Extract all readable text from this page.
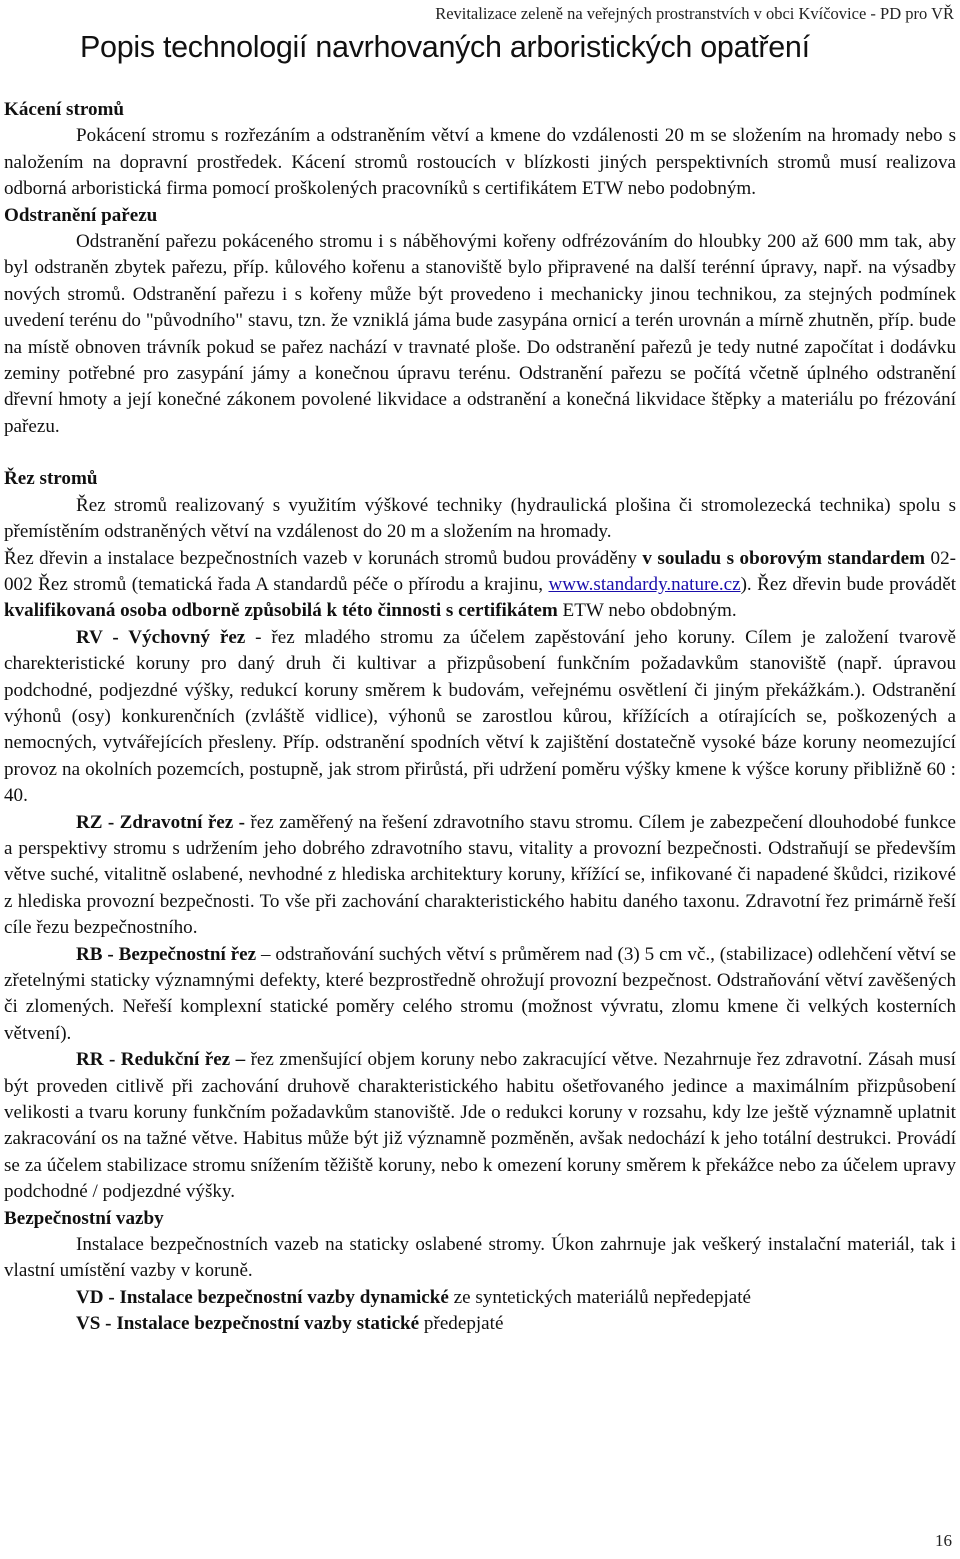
Revitalizace zeleně na veřejných prostranstvích v obci Kvíčovice - PD pro VŘ
Popis technologií navrhovaných arboristických opatření

Kácení stromů

Pokácení stromu s rozřezáním a odstraněním větví a kmene do vzdálenosti 20 m se složením na hromady nebo s naložením na dopravní prostředek. Kácení stromů rostoucích v blízkosti jiných perspektivních stromů musí realizova odborná arboristická firma pomocí proškolených pracovníků s certifikátem ETW nebo podobným.

Odstranění pařezu

Odstranění pařezu pokáceného stromu i s náběhovými kořeny odfrézováním do hloubky 200 až 600 mm tak, aby byl odstraněn zbytek pařezu, příp. kůlového kořenu a stanoviště bylo připravené na další terénní úpravy, např. na výsadby nových stromů. Odstranění pařezu i s kořeny může být provedeno i mechanicky jinou technikou, za stejných podmínek uvedení terénu do "původního" stavu, tzn. že vzniklá jáma bude zasypána ornicí a terén urovnán a mírně zhutněn, příp. bude na místě obnoven trávník pokud se pařez nachází v travnaté ploše. Do odstranění pařezů je tedy nutné započítat i dodávku zeminy potřebné pro zasypání jámy a konečnou úpravu terénu. Odstranění pařezu se počítá včetně úplného odstranění dřevní hmoty a její konečné zákonem povolené likvidace a odstranění a konečná likvidace štěpky a materiálu po frézování pařezu.

Řez stromů

Řez stromů realizovaný s využitím výškové techniky (hydraulická plošina či stromolezecká technika) spolu s přemístěním odstraněných větví na vzdálenost do 20 m a složením na hromady.

Řez dřevin a instalace bezpečnostních vazeb v korunách stromů budou prováděny v souladu s oborovým standardem 02- 002 Řez stromů (tematická řada A standardů péče o přírodu a krajinu, www.standardy.nature.cz). Řez dřevin bude provádět kvalifikovaná osoba odborně způsobilá k této činnosti s certifikátem ETW nebo obdobným.

RV - Výchovný řez - řez mladého stromu za účelem zapěstování jeho koruny. Cílem je založení tvarově charekteristické koruny pro daný druh či kultivar a přizpůsobení funkčním požadavkům stanoviště (např. úpravou podchodné, podjezdné výšky, redukcí koruny směrem k budovám, veřejnému osvětlení či jiným překážkám.). Odstranění výhonů (osy) konkurenčních (zvláště vidlice), výhonů se zarostlou kůrou, křížících a otírajících se, poškozených a nemocných, vytvářejících přesleny. Příp. odstranění spodních větví k zajištění dostatečně vysoké báze koruny neomezující provoz na okolních pozemcích, postupně, jak strom přirůstá, při udržení poměru výšky kmene k výšce koruny přibližně 60 : 40.

RZ - Zdravotní řez - řez zaměřený na řešení zdravotního stavu stromu. Cílem je zabezpečení dlouhodobé funkce a perspektivy stromu s udržením jeho dobrého zdravotního stavu, vitality a provozní bezpečnosti. Odstraňují se především větve suché, vitalitně oslabené, nevhodné z hlediska architektury koruny, křížící se, infikované či napadené škůdci, rizikové z hlediska provozní bezpečnosti. To vše při zachování charakteristického habitu daného taxonu. Zdravotní řez primárně řeší cíle řezu bezpečnostního.

RB - Bezpečnostní řez – odstraňování suchých větví s průměrem nad (3) 5 cm vč., (stabilizace) odlehčení větví se zřetelnými staticky významnými defekty, které bezprostředně ohrožují provozní bezpečnost. Odstraňování větví zavěšených či zlomených. Neřeší komplexní statické poměry celého stromu (možnost vývratu, zlomu kmene či velkých kosterních větvení).

RR - Redukční řez – řez zmenšující objem koruny nebo zakracující větve. Nezahrnuje řez zdravotní. Zásah musí být proveden citlivě při zachování druhově charakteristického habitu ošetřovaného jedince a maximálním přizpůsobení velikosti a tvaru koruny funkčním požadavkům stanoviště. Jde o redukci koruny v rozsahu, kdy lze ještě významně uplatnit zakracování os na tažné větve. Habitus může být již významně pozměněn, avšak nedochází k jeho totální destrukci. Provádí se za účelem stabilizace stromu snížením těžiště koruny, nebo k omezení koruny směrem k překážce nebo za účelem upravy podchodné / podjezdné výšky.

Bezpečnostní vazby

Instalace bezpečnostních vazeb na staticky oslabené stromy. Úkon zahrnuje jak veškerý instalační materiál, tak i vlastní umístění vazby v koruně.

VD - Instalace bezpečnostní vazby dynamické ze syntetických materiálů nepředepjaté

VS - Instalace bezpečnostní vazby statické předepjaté

16
